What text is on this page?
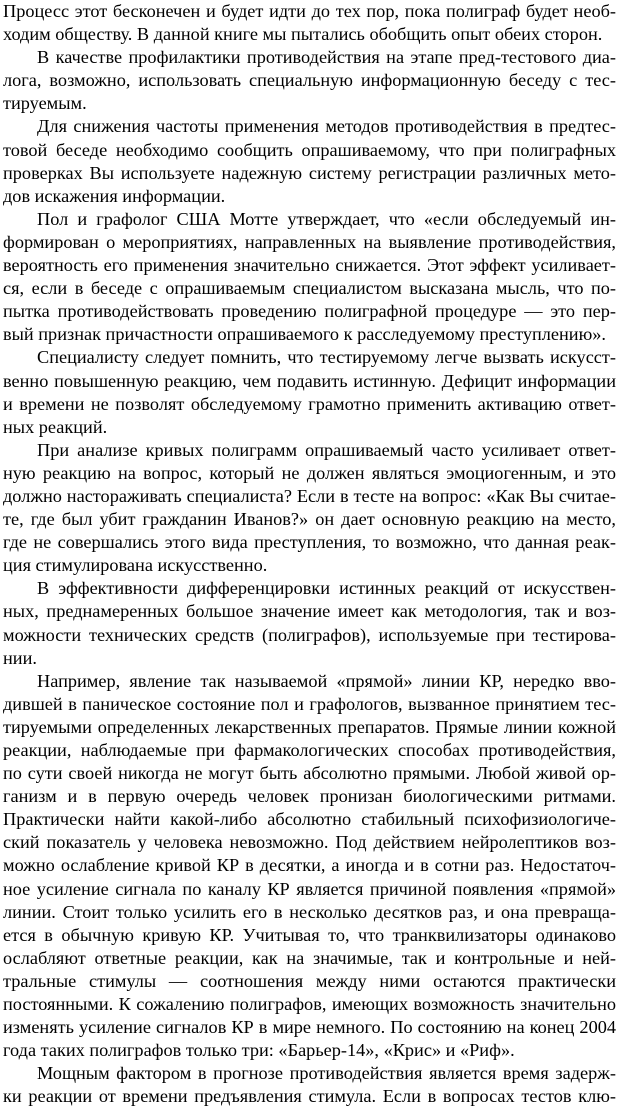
Процесс этот бесконечен и будет идти до тех пор, пока полиграф будет необ-
ходим обществу. В данной книге мы пытались обобщить опыт обеих сторон.
В качестве профилактики противодействия на этапе пред-тестового диа-
лога, возможно, использовать специальную информационную беседу с тес-
тируемым.
Для снижения частоты применения методов противодействия в предтес-
товой беседе необходимо сообщить опрашиваемому, что при полиграфных
проверках Вы используете надежную систему регистрации различных мето-
дов искажения информации.
Пол и графолог США Мотте утверждает, что «если обследуемый ин-
формирован о мероприятиях, направленных на выявление противодействия,
вероятность его применения значительно снижается. Этот эффект усиливает-
ся, если в беседе с опрашиваемым специалистом высказана мысль, что по-
пытка противодействовать проведению полиграфной процедуре — это пер-
вый признак причастности опрашиваемого к расследуемому преступлению».
Специалисту следует помнить, что тестируемому легче вызвать искусст-
венно повышенную реакцию, чем подавить истинную. Дефицит информации
и времени не позволят обследуемому грамотно применить активацию ответ-
ных реакций.
При анализе кривых полиграмм опрашиваемый часто усиливает ответ-
ную реакцию на вопрос, который не должен являться эмоциогенным, и это
должно настораживать специалиста? Если в тесте на вопрос: «Как Вы считае-
те, где был убит гражданин Иванов?» он дает основную реакцию на место,
где не совершались этого вида преступления, то возможно, что данная реак-
ция стимулирована искусственно.
В эффективности дифференцировки истинных реакций от искусствен-
ных, преднамеренных большое значение имеет как методология, так и воз-
можности технических средств (полиграфов), используемые при тестирова-
нии.
Например, явление так называемой «прямой» линии КР, нередко вво-
дившей в паническое состояние пол и графологов, вызванное принятием тес-
тируемыми определенных лекарственных препаратов. Прямые линии кожной
реакции, наблюдаемые при фармакологических способах противодействия,
по сути своей никогда не могут быть абсолютно прямыми. Любой живой ор-
ганизм и в первую очередь человек пронизан биологическими ритмами.
Практически найти какой-либо абсолютно стабильный психофизиологиче-
ский показатель у человека невозможно. Под действием нейролептиков воз-
можно ослабление кривой КР в десятки, а иногда и в сотни раз. Недостаточ-
ное усиление сигнала по каналу КР является причиной появления «прямой»
линии. Стоит только усилить его в несколько десятков раз, и она превраща-
ется в обычную кривую КР. Учитывая то, что транквилизаторы одинаково
ослабляют ответные реакции, как на значимые, так и контрольные и ней-
тральные стимулы — соотношения между ними остаются практически
постоянными. К сожалению полиграфов, имеющих возможность значительно
изменять усиление сигналов КР в мире немного. По состоянию на конец 2004
года таких полиграфов только три: «Барьер-14», «Крис» и «Риф».
Мощным фактором в прогнозе противодействия является время задерж-
ки реакции от времени предъявления стимула. Если в вопросах тестов клю-
